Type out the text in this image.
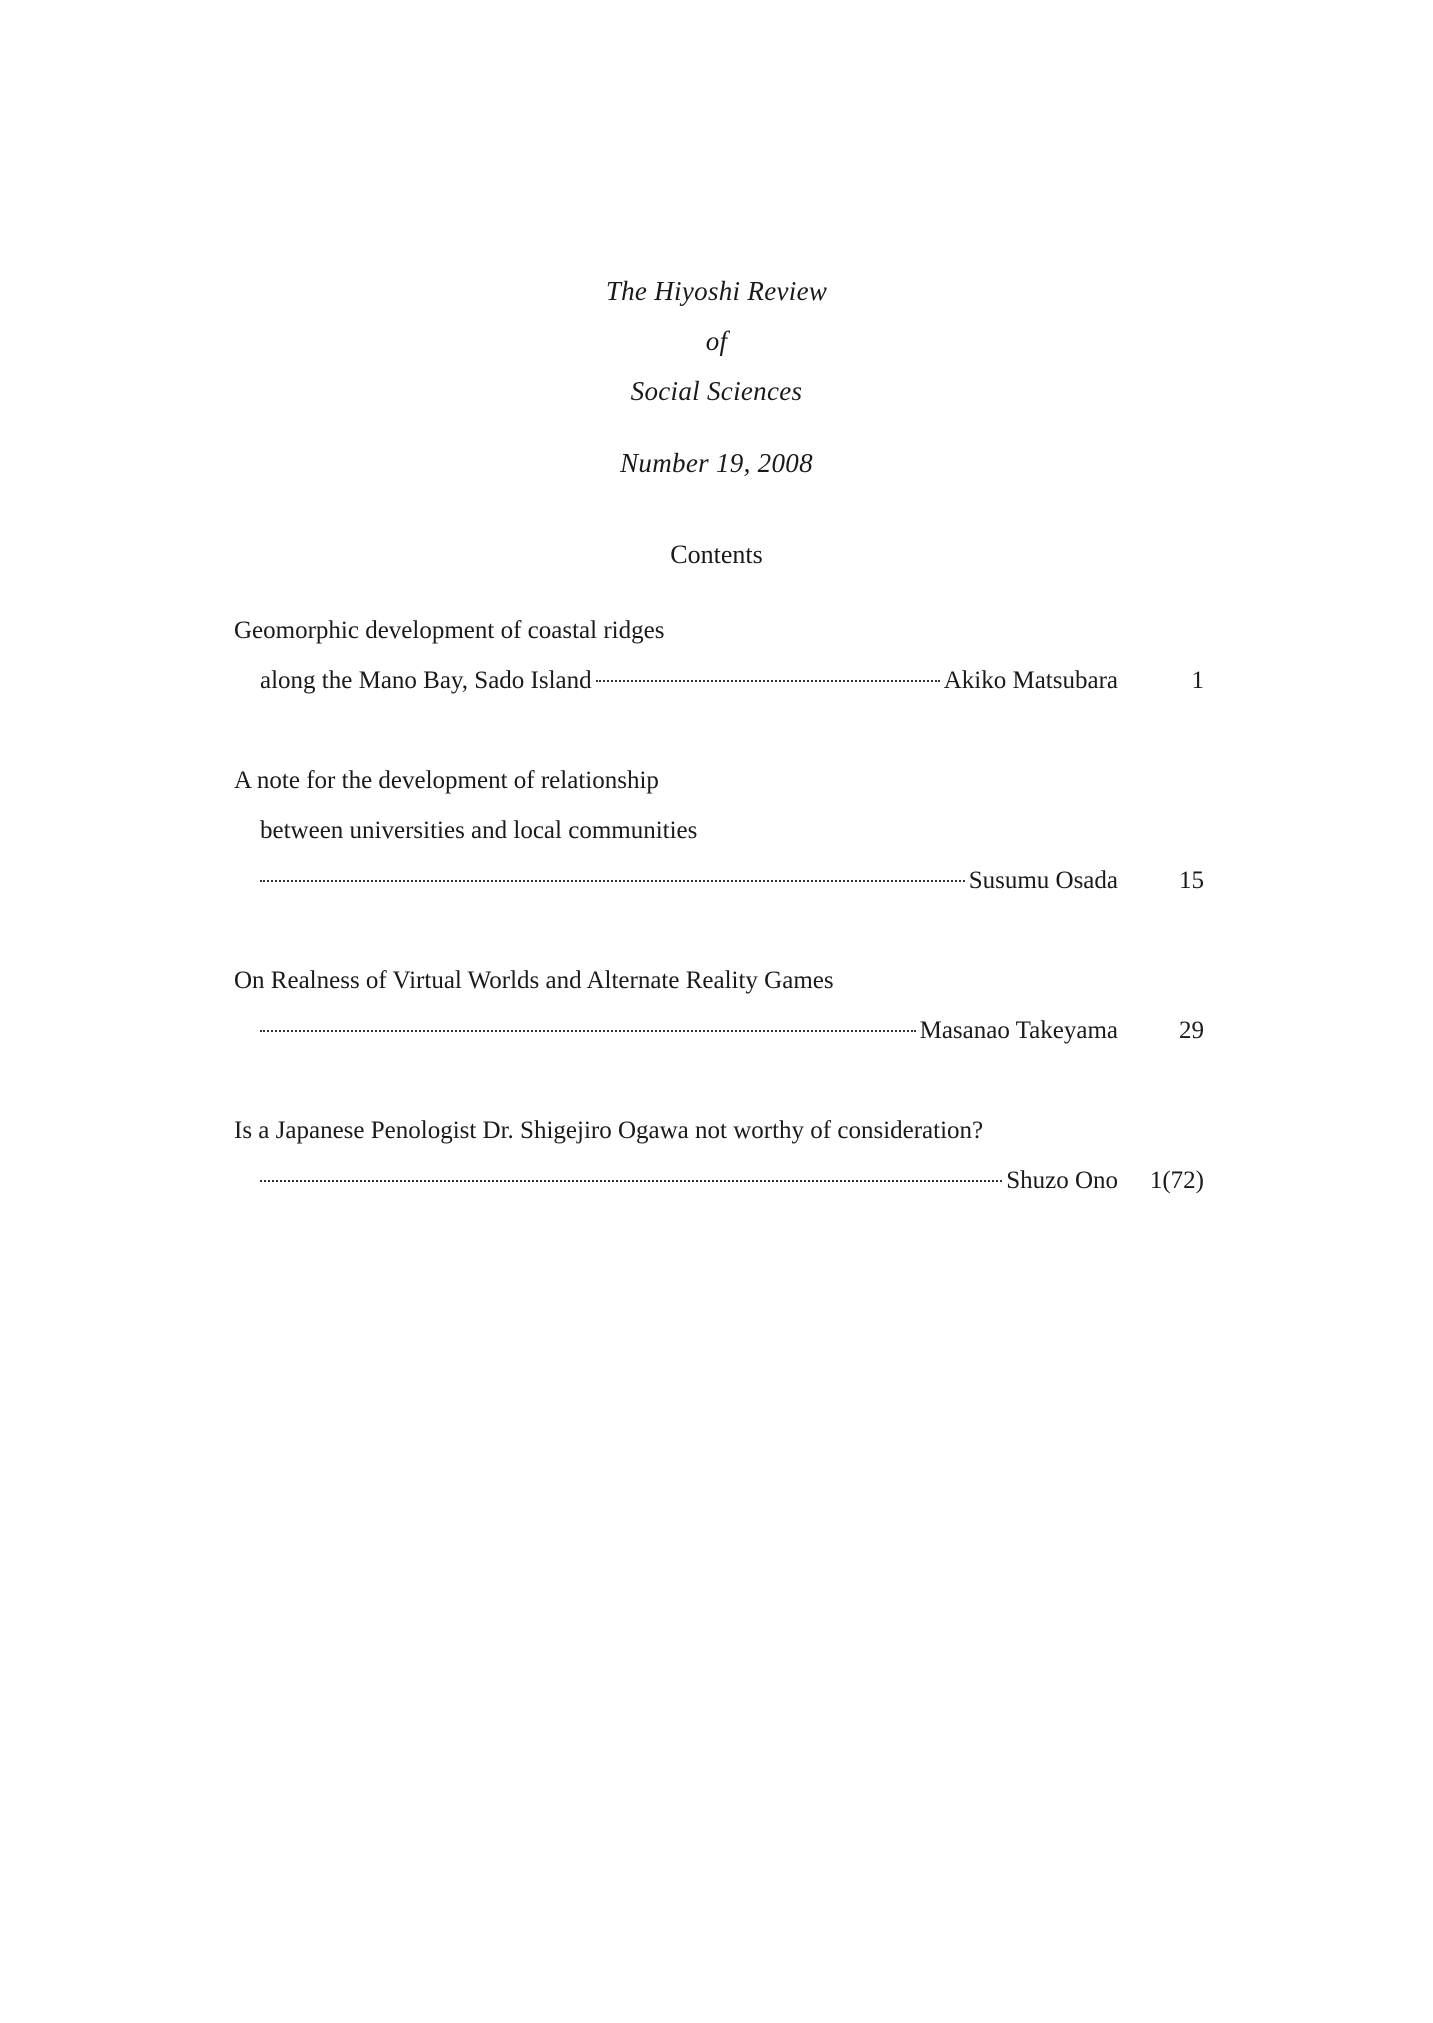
The Hiyoshi Review
of
Social Sciences
Number 19, 2008
Contents
Geomorphic development of coastal ridges
along the Mano Bay, Sado Island	Akiko Matsubara	1
A note for the development of relationship
between universities and local communities
Susumu Osada	15
On Realness of Virtual Worlds and Alternate Reality Games
Masanao Takeyama	29
Is a Japanese Penologist Dr. Shigejiro Ogawa not worthy of consideration?
Shuzo Ono	1(72)
